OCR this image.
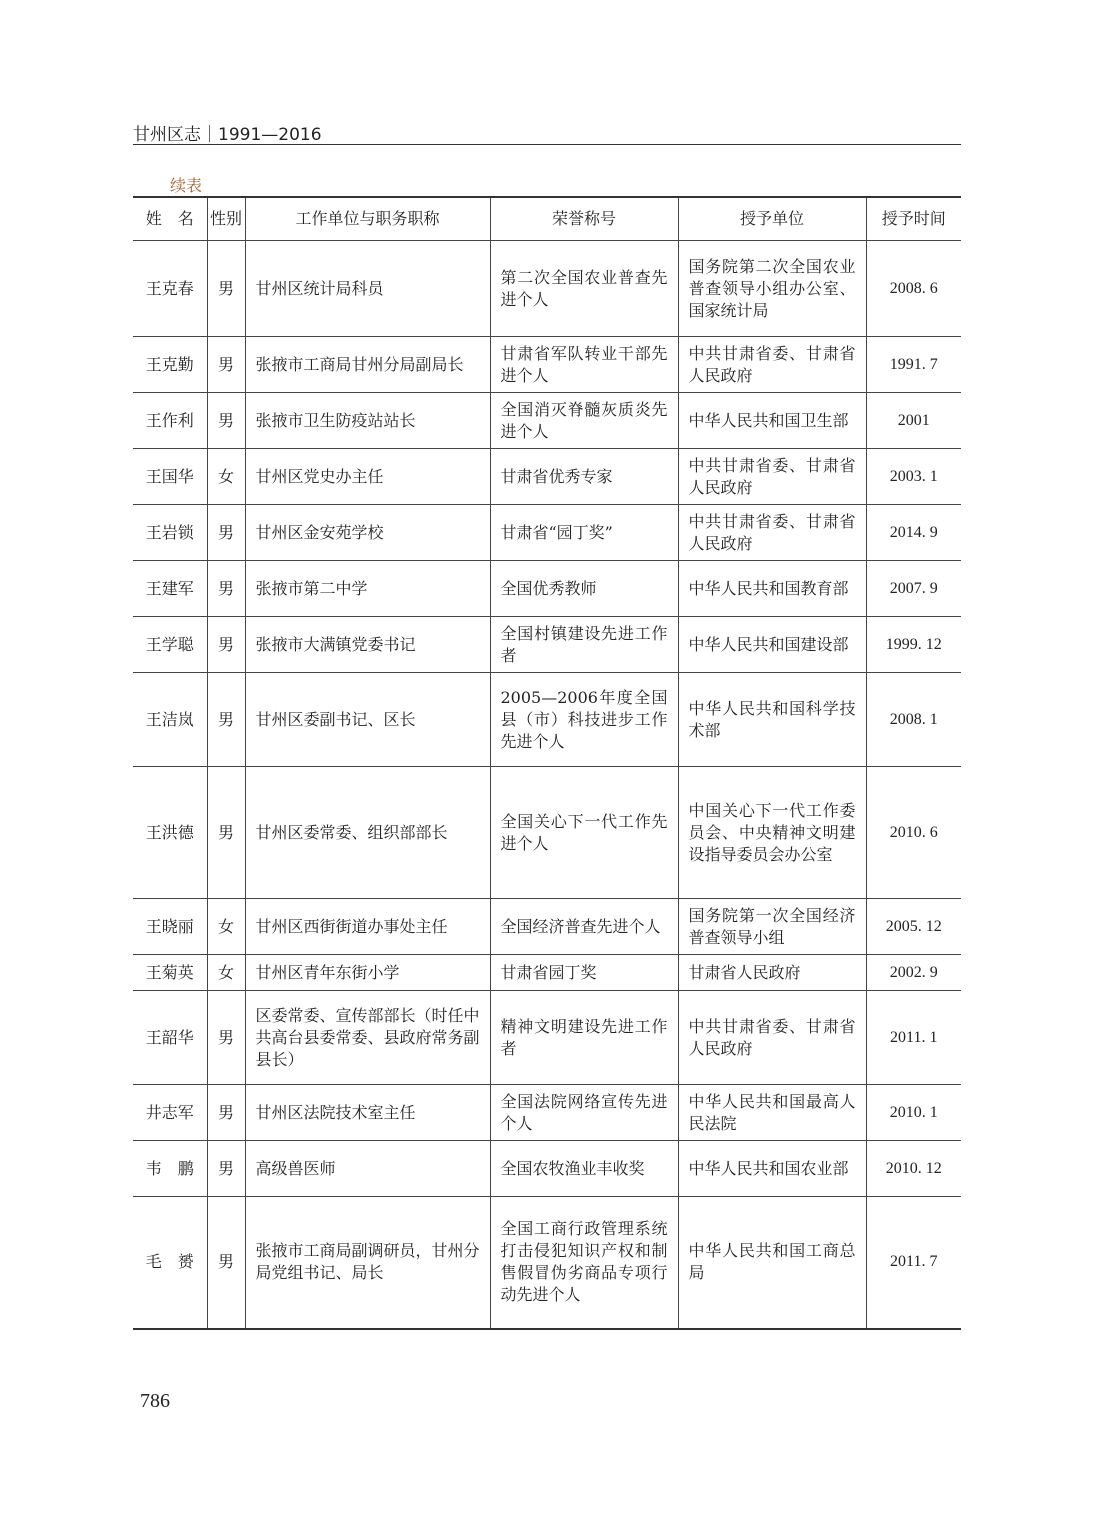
甘州区志｜1991—2016
续表
姓　名	性别	工作单位与职务职称	荣誉称号	授予单位	授予时间
王克春	男	甘州区统计局科员	第二次全国农业普查先进个人	国务院第二次全国农业普查领导小组办公室、国家统计局	2008. 6
王克勤	男	张掖市工商局甘州分局副局长	甘肃省军队转业干部先进个人	中共甘肃省委、甘肃省人民政府	1991. 7
王作利	男	张掖市卫生防疫站站长	全国消灭脊髓灰质炎先进个人	中华人民共和国卫生部	2001
王国华	女	甘州区党史办主任	甘肃省优秀专家	中共甘肃省委、甘肃省人民政府	2003. 1
王岩锁	男	甘州区金安苑学校	甘肃省“园丁奖”	中共甘肃省委、甘肃省人民政府	2014. 9
王建军	男	张掖市第二中学	全国优秀教师	中华人民共和国教育部	2007. 9
王学聪	男	张掖市大满镇党委书记	全国村镇建设先进工作者	中华人民共和国建设部	1999. 12
王洁岚	男	甘州区委副书记、区长	2005—2006年度全国县（市）科技进步工作先进个人	中华人民共和国科学技术部	2008. 1
王洪德	男	甘州区委常委、组织部部长	全国关心下一代工作先进个人	中国关心下一代工作委员会、中央精神文明建设指导委员会办公室	2010. 6
王晓丽	女	甘州区西街街道办事处主任	全国经济普查先进个人	国务院第一次全国经济普查领导小组	2005. 12
王菊英	女	甘州区青年东街小学	甘肃省园丁奖	甘肃省人民政府	2002. 9
王韶华	男	区委常委、宣传部部长（时任中共高台县委常委、县政府常务副县长）	精神文明建设先进工作者	中共甘肃省委、甘肃省人民政府	2011. 1
井志军	男	甘州区法院技术室主任	全国法院网络宣传先进个人	中华人民共和国最高人民法院	2010. 1
韦　鹏	男	高级兽医师	全国农牧渔业丰收奖	中华人民共和国农业部	2010. 12
毛　赟	男	张掖市工商局副调研员，甘州分局党组书记、局长	全国工商行政管理系统打击侵犯知识产权和制售假冒伪劣商品专项行动先进个人	中华人民共和国工商总局	2011. 7
786
